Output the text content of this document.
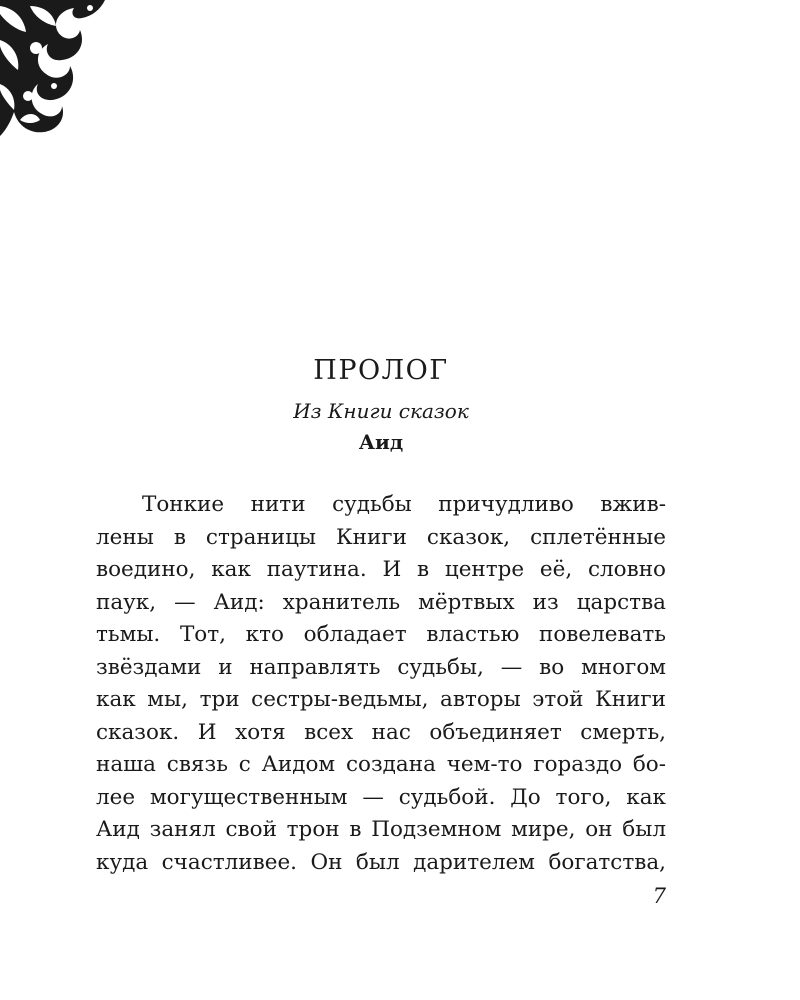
ПРОЛОГ
Из Книги сказок
Аид
Тонкие нити судьбы причудливо вжив-
лены в страницы Книги сказок, сплетённые
воедино, как паутина. И в центре её, словно
паук, — Аид: хранитель мёртвых из царства
тьмы. Тот, кто обладает властью повелевать
звёздами и направлять судьбы, — во многом
как мы, три сестры-ведьмы, авторы этой Книги
сказок. И хотя всех нас объединяет смерть,
наша связь с Аидом создана чем-то гораздо бо-
лее могущественным — судьбой. До того, как
Аид занял свой трон в Подземном мире, он был
куда счастливее. Он был дарителем богатства,
7
